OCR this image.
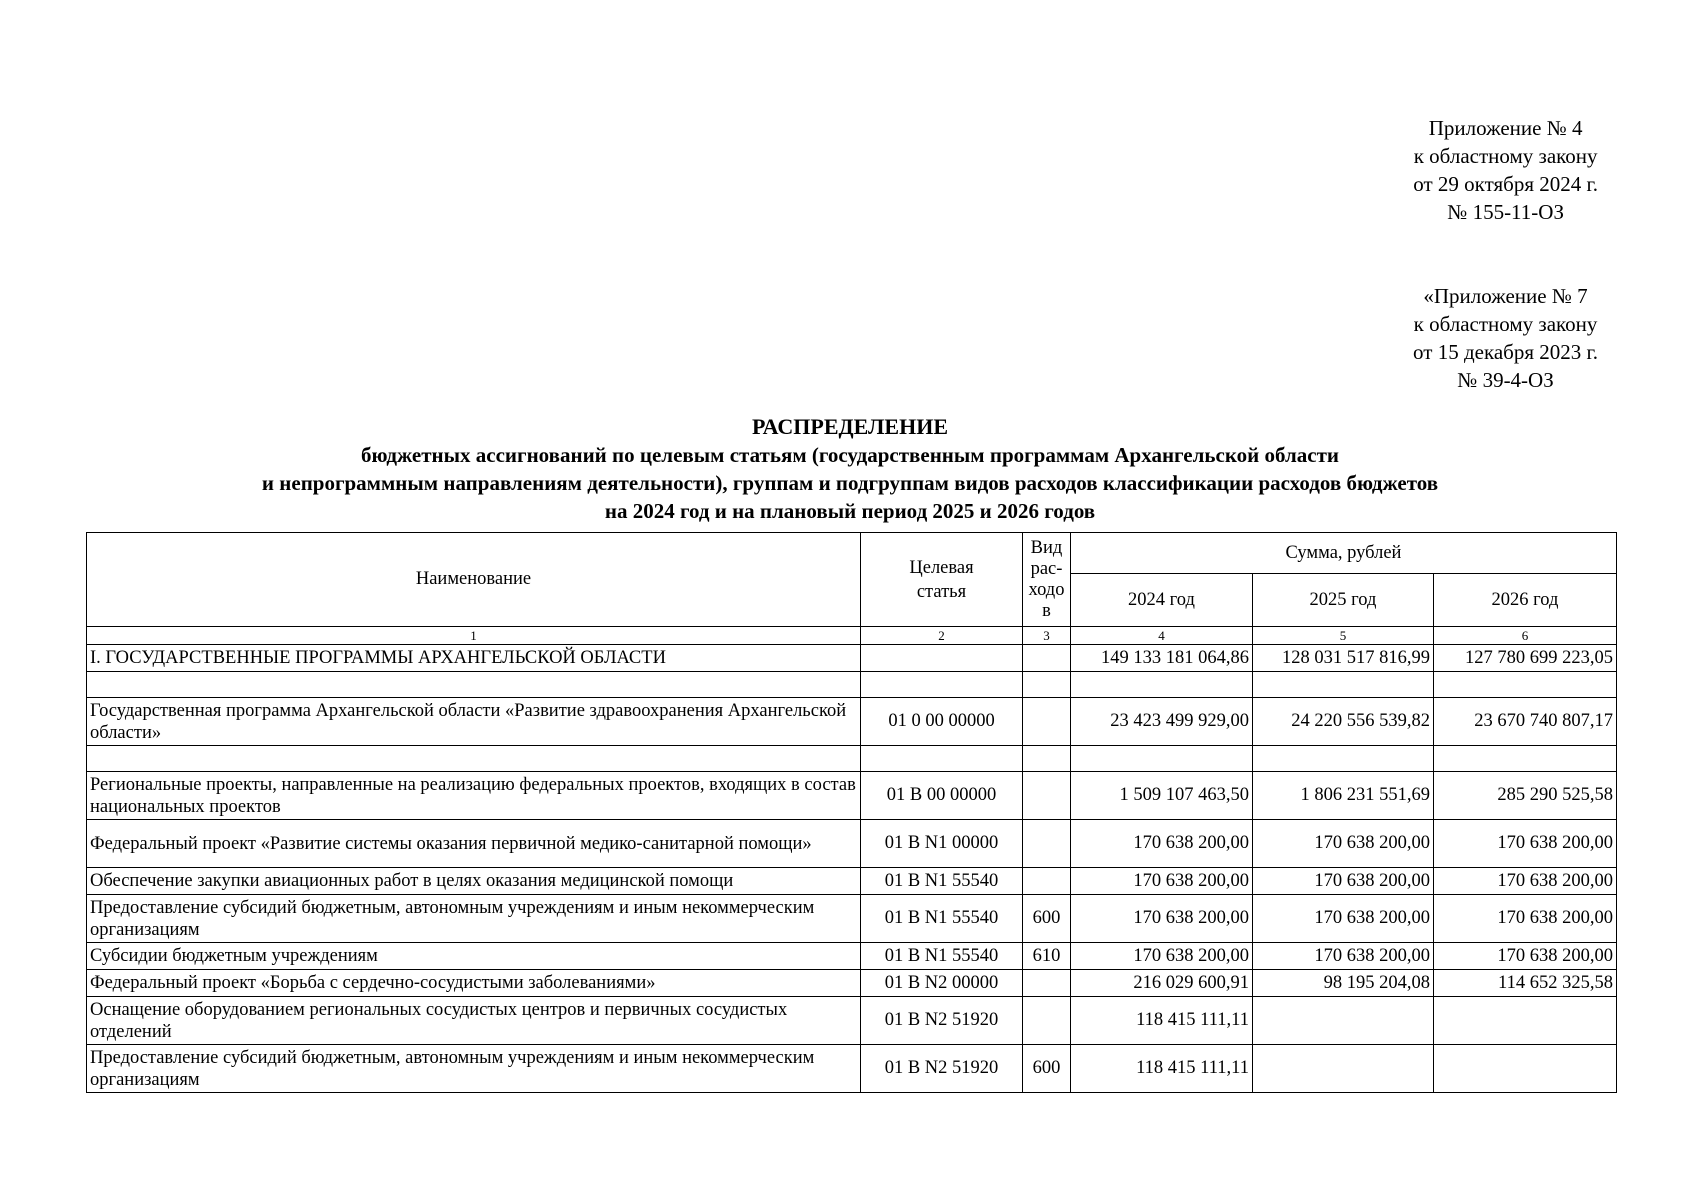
Приложение № 4
к областному закону
от 29 октября 2024 г.
№ 155-11-ОЗ
«Приложение № 7
к областному закону
от 15 декабря 2023 г.
№ 39-4-ОЗ
РАСПРЕДЕЛЕНИЕ
бюджетных ассигнований по целевым статьям (государственным программам Архангельской области
и непрограммным направлениям деятельности), группам и подгруппам видов расходов классификации расходов бюджетов
на 2024 год и на плановый период 2025 и 2026 годов
Наименование	Целевая статья	Вид рас-ходов	Сумма, рублей		
			2024 год	2025 год	2026 год
1	2	3	4	5	6
I. ГОСУДАРСТВЕННЫЕ ПРОГРАММЫ АРХАНГЕЛЬСКОЙ ОБЛАСТИ			149 133 181 064,86	128 031 517 816,99	127 780 699 223,05

Государственная программа Архангельской области «Развитие здравоохранения Архангельской области»	01 0 00 00000		23 423 499 929,00	24 220 556 539,82	23 670 740 807,17

Региональные проекты, направленные на реализацию федеральных проектов, входящих в состав национальных проектов	01 В 00 00000		1 509 107 463,50	1 806 231 551,69	285 290 525,58
Федеральный проект «Развитие системы оказания первичной медико-санитарной помощи»	01 В N1 00000		170 638 200,00	170 638 200,00	170 638 200,00
Обеспечение закупки авиационных работ в целях оказания медицинской помощи	01 В N1 55540		170 638 200,00	170 638 200,00	170 638 200,00
Предоставление субсидий бюджетным, автономным учреждениям и иным некоммерческим организациям	01 В N1 55540	600	170 638 200,00	170 638 200,00	170 638 200,00
Субсидии бюджетным учреждениям	01 В N1 55540	610	170 638 200,00	170 638 200,00	170 638 200,00
Федеральный проект «Борьба с сердечно-сосудистыми заболеваниями»	01 В N2 00000		216 029 600,91	98 195 204,08	114 652 325,58
Оснащение оборудованием региональных сосудистых центров и первичных сосудистых отделений	01 В N2 51920		118 415 111,11		
Предоставление субсидий бюджетным, автономным учреждениям и иным некоммерческим организациям	01 В N2 51920	600	118 415 111,11		
